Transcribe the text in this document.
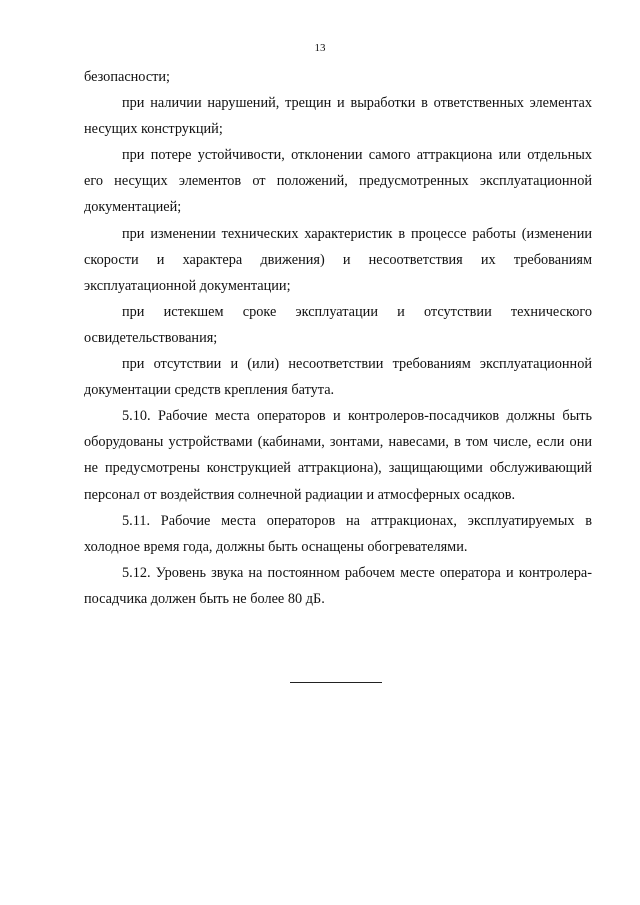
13

безопасности;

при наличии нарушений, трещин и выработки в ответственных элементах несущих конструкций;

при потере устойчивости, отклонении самого аттракциона или отдельных его несущих элементов от положений, предусмотренных эксплуатационной документацией;

при изменении технических характеристик в процессе работы (изменении скорости и характера движения) и несоответствия их требованиям эксплуатационной документации;

при истекшем сроке эксплуатации и отсутствии технического освидетельствования;

при отсутствии и (или) несоответствии требованиям эксплуатационной документации средств крепления батута.

5.10. Рабочие места операторов и контролеров-посадчиков должны быть оборудованы устройствами (кабинами, зонтами, навесами, в том числе, если они не предусмотрены конструкцией аттракциона), защищающими обслуживающий персонал от воздействия солнечной радиации и атмосферных осадков.

5.11. Рабочие места операторов на аттракционах, эксплуатируемых в холодное время года, должны быть оснащены обогревателями.

5.12. Уровень звука на постоянном рабочем месте оператора и контролера-посадчика должен быть не более 80 дБ.
